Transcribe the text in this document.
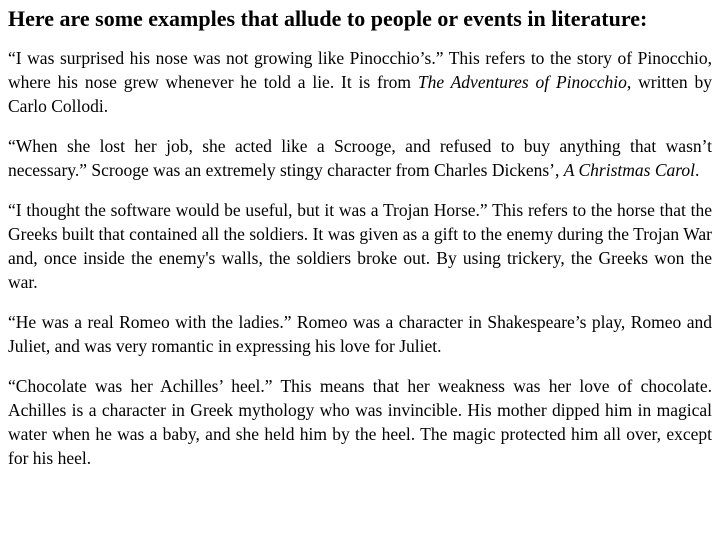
Here are some examples that allude to people or events in literature:

“I was surprised his nose was not growing like Pinocchio’s.” This refers to the story of Pinocchio, where his nose grew whenever he told a lie. It is from The Adventures of Pinocchio, written by Carlo Collodi.

“When she lost her job, she acted like a Scrooge, and refused to buy anything that wasn’t necessary.” Scrooge was an extremely stingy character from Charles Dickens’, A Christmas Carol.

“I thought the software would be useful, but it was a Trojan Horse.” This refers to the horse that the Greeks built that contained all the soldiers. It was given as a gift to the enemy during the Trojan War and, once inside the enemy's walls, the soldiers broke out. By using trickery, the Greeks won the war.

“He was a real Romeo with the ladies.” Romeo was a character in Shakespeare’s play, Romeo and Juliet, and was very romantic in expressing his love for Juliet.

“Chocolate was her Achilles’ heel.” This means that her weakness was her love of chocolate. Achilles is a character in Greek mythology who was invincible. His mother dipped him in magical water when he was a baby, and she held him by the heel. The magic protected him all over, except for his heel.
